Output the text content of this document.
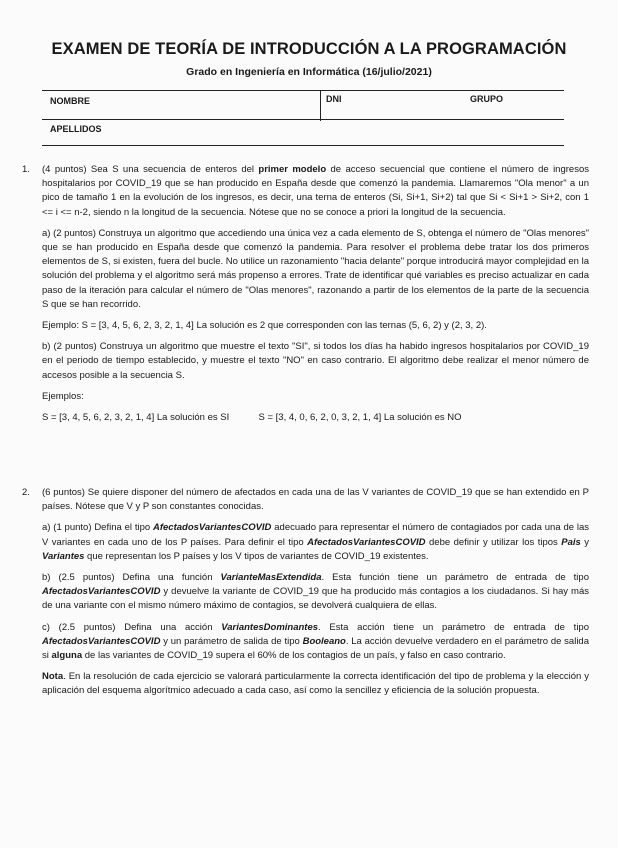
EXAMEN DE TEORÍA DE INTRODUCCIÓN A LA PROGRAMACIÓN
Grado en Ingeniería en Informática (16/julio/2021)
NOMBRE	DNI	GRUPO
APELLIDOS
1. (4 puntos) Sea S una secuencia de enteros del primer modelo de acceso secuencial que contiene el número de ingresos hospitalarios por COVID_19 que se han producido en España desde que comenzó la pandemia. Llamaremos "Ola menor" a un pico de tamaño 1 en la evolución de los ingresos, es decir, una terna de enteros (Si, Si+1, Si+2) tal que Si < Si+1 > Si+2, con 1 <= i <= n-2, siendo n la longitud de la secuencia. Nótese que no se conoce a priori la longitud de la secuencia.

a) (2 puntos) Construya un algoritmo que accediendo una única vez a cada elemento de S, obtenga el número de "Olas menores" que se han producido en España desde que comenzó la pandemia. Para resolver el problema debe tratar los dos primeros elementos de S, si existen, fuera del bucle. No utilice un razonamiento "hacia delante" porque introducirá mayor complejidad en la solución del problema y el algoritmo será más propenso a errores. Trate de identificar qué variables es preciso actualizar en cada paso de la iteración para calcular el número de "Olas menores", razonando a partir de los elementos de la parte de la secuencia S que se han recorrido.

Ejemplo: S = [3, 4, 5, 6, 2, 3, 2, 1, 4] La solución es 2 que corresponden con las ternas (5, 6, 2) y (2, 3, 2).

b) (2 puntos) Construya un algoritmo que muestre el texto "SI", si todos los días ha habido ingresos hospitalarios por COVID_19 en el periodo de tiempo establecido, y muestre el texto "NO" en caso contrario. El algoritmo debe realizar el menor número de accesos posible a la secuencia S.

Ejemplos:

S = [3, 4, 5, 6, 2, 3, 2, 1, 4] La solución es SI	S = [3, 4, 0, 6, 2, 0, 3, 2, 1, 4] La solución es NO

2. (6 puntos) Se quiere disponer del número de afectados en cada una de las V variantes de COVID_19 que se han extendido en P países. Nótese que V y P son constantes conocidas.

a) (1 punto) Defina el tipo AfectadosVariantesCOVID adecuado para representar el número de contagiados por cada una de las V variantes en cada uno de los P países. Para definir el tipo AfectadosVariantesCOVID debe definir y utilizar los tipos Pais y Variantes que representan los P países y los V tipos de variantes de COVID_19 existentes.

b) (2.5 puntos) Defina una función VarianteMasExtendida. Esta función tiene un parámetro de entrada de tipo AfectadosVariantesCOVID y devuelve la variante de COVID_19 que ha producido más contagios a los ciudadanos. Si hay más de una variante con el mismo número máximo de contagios, se devolverá cualquiera de ellas.

c) (2.5 puntos) Defina una acción VariantesDominantes. Esta acción tiene un parámetro de entrada de tipo AfectadosVariantesCOVID y un parámetro de salida de tipo Booleano. La acción devuelve verdadero en el parámetro de salida si alguna de las variantes de COVID_19 supera el 60% de los contagios de un país, y falso en caso contrario.

Nota. En la resolución de cada ejercicio se valorará particularmente la correcta identificación del tipo de problema y la elección y aplicación del esquema algorítmico adecuado a cada caso, así como la sencillez y eficiencia de la solución propuesta.
